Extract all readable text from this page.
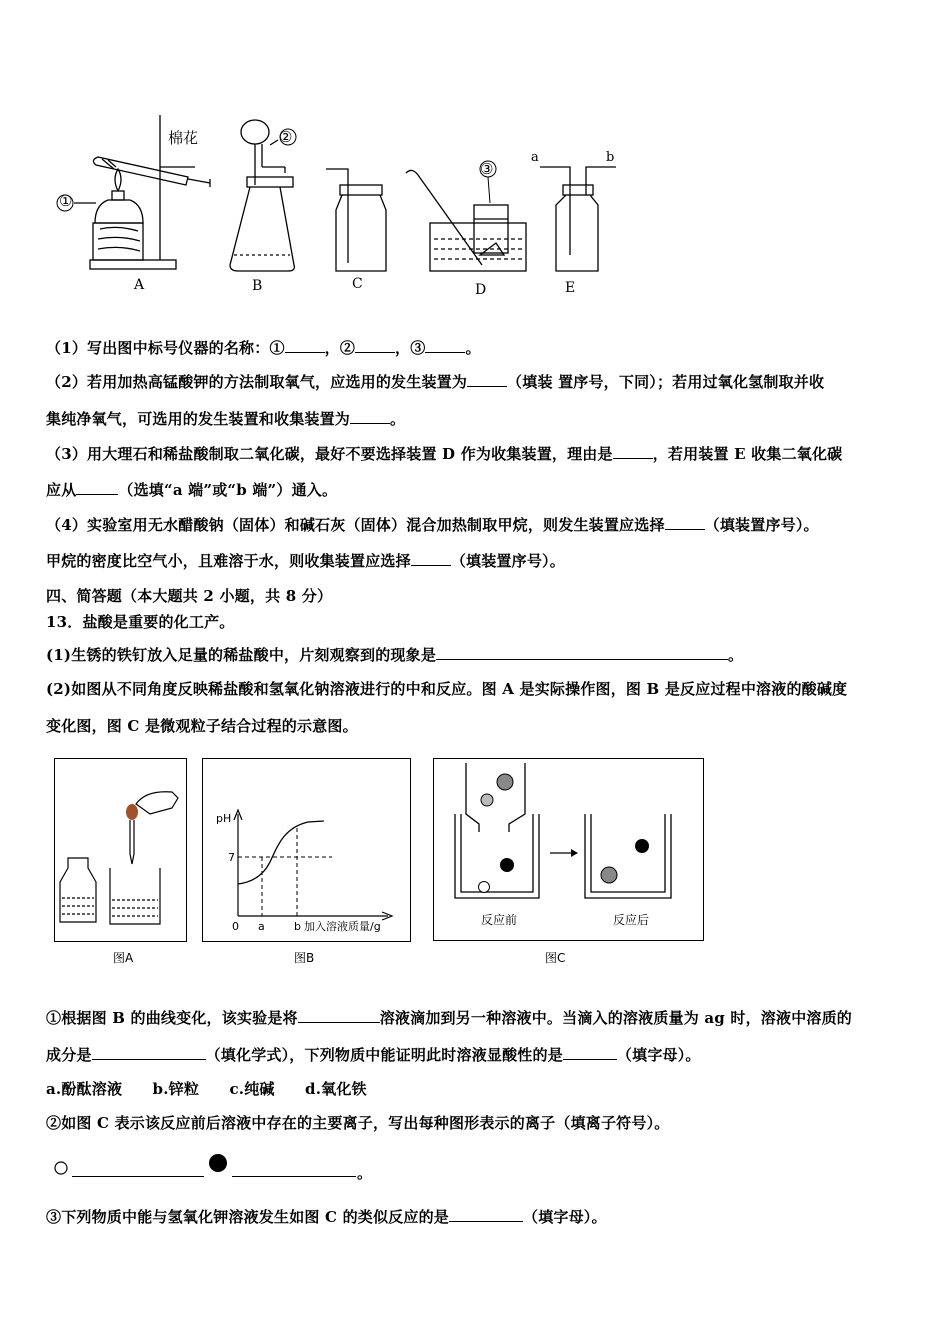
棉花
①
②
③
a	b
A	B	C	D	E
（1）写出图中标号仪器的名称：①	，②	，③	。
（2）若用加热高锰酸钾的方法制取氧气，应选用的发生装置为	（填装 置序号，下同）；若用过氧化氢制取并收
集纯净氧气，可选用的发生装置和收集装置为	。
（3）用大理石和稀盐酸制取二氧化碳，最好不要选择装置 D 作为收集装置，理由是	，若用装置 E 收集二氧化碳
应从	（选填“a 端”或“b 端”）通入。
（4）实验室用无水醋酸钠（固体）和碱石灰（固体）混合加热制取甲烷，则发生装置应选择	（填装置序号）。
甲烷的密度比空气小，且难溶于水，则收集装置应选择	（填装置序号）。
四、简答题（本大题共 2 小题，共 8 分）
13．盐酸是重要的化工产。
(1)生锈的铁钉放入足量的稀盐酸中，片刻观察到的现象是	。
(2)如图从不同角度反映稀盐酸和氢氧化钠溶液进行的中和反应。图 A 是实际操作图，图 B 是反应过程中溶液的酸碱度
变化图，图 C 是微观粒子结合过程的示意图。
pH
7
0 a	b 加入溶液质量/g	反应前	反应后
图A	图B	图C
①根据图 B 的曲线变化，该实验是将	溶液滴加到另一种溶液中。当滴入的溶液质量为 ag 时，溶液中溶质的
成分是	（填化学式），下列物质中能证明此时溶液显酸性的是	（填字母）。
a.酚酞溶液　　b.锌粒　　c.纯碱　　d.氧化铁
②如图 C 表示该反应前后溶液中存在的主要离子，写出每种图形表示的离子（填离子符号）。
。
③下列物质中能与氢氧化钾溶液发生如图 C 的类似反应的是	（填字母）。
